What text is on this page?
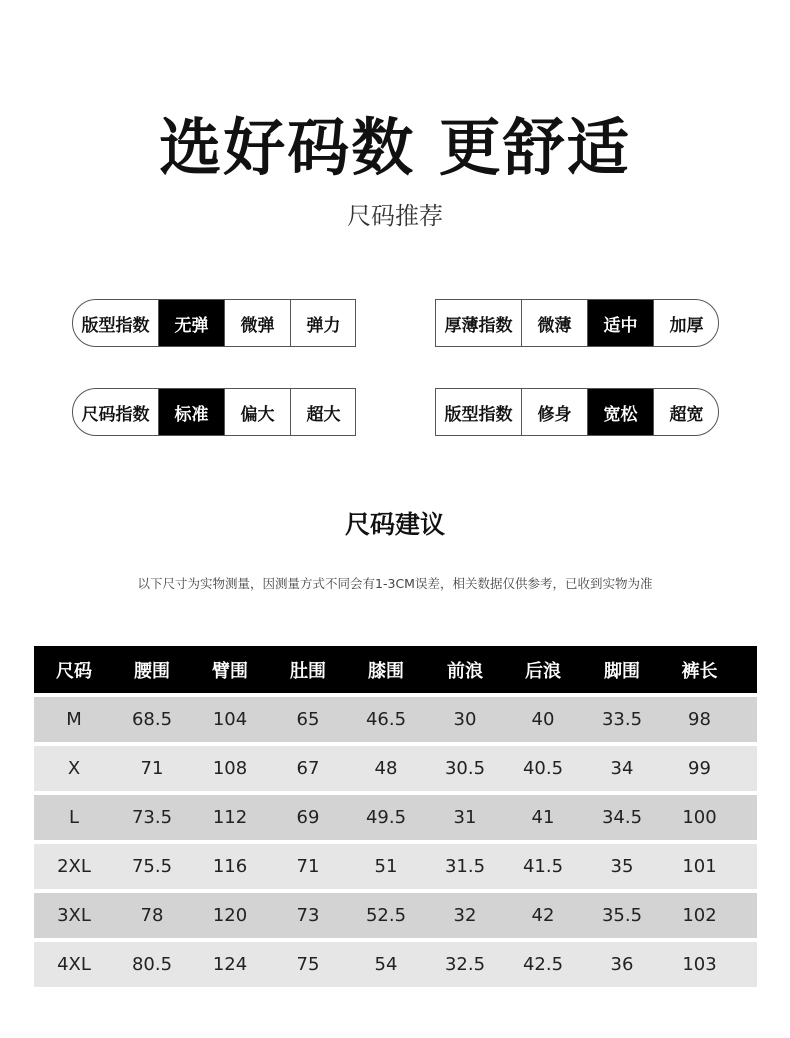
选好码数 更舒适
尺码推荐
版型指数	无弹	微弹	弹力	厚薄指数	微薄	适中	加厚
尺码指数	标准	偏大	超大	版型指数	修身	宽松	超宽
尺码建议
以下尺寸为实物测量，因测量方式不同会有1-3CM误差，相关数据仅供参考，已收到实物为准
尺码	腰围	臂围	肚围	膝围	前浪	后浪	脚围	裤长
M	68.5	104	65	46.5	30	40	33.5	98
X	71	108	67	48	30.5	40.5	34	99
L	73.5	112	69	49.5	31	41	34.5	100
2XL	75.5	116	71	51	31.5	41.5	35	101
3XL	78	120	73	52.5	32	42	35.5	102
4XL	80.5	124	75	54	32.5	42.5	36	103
